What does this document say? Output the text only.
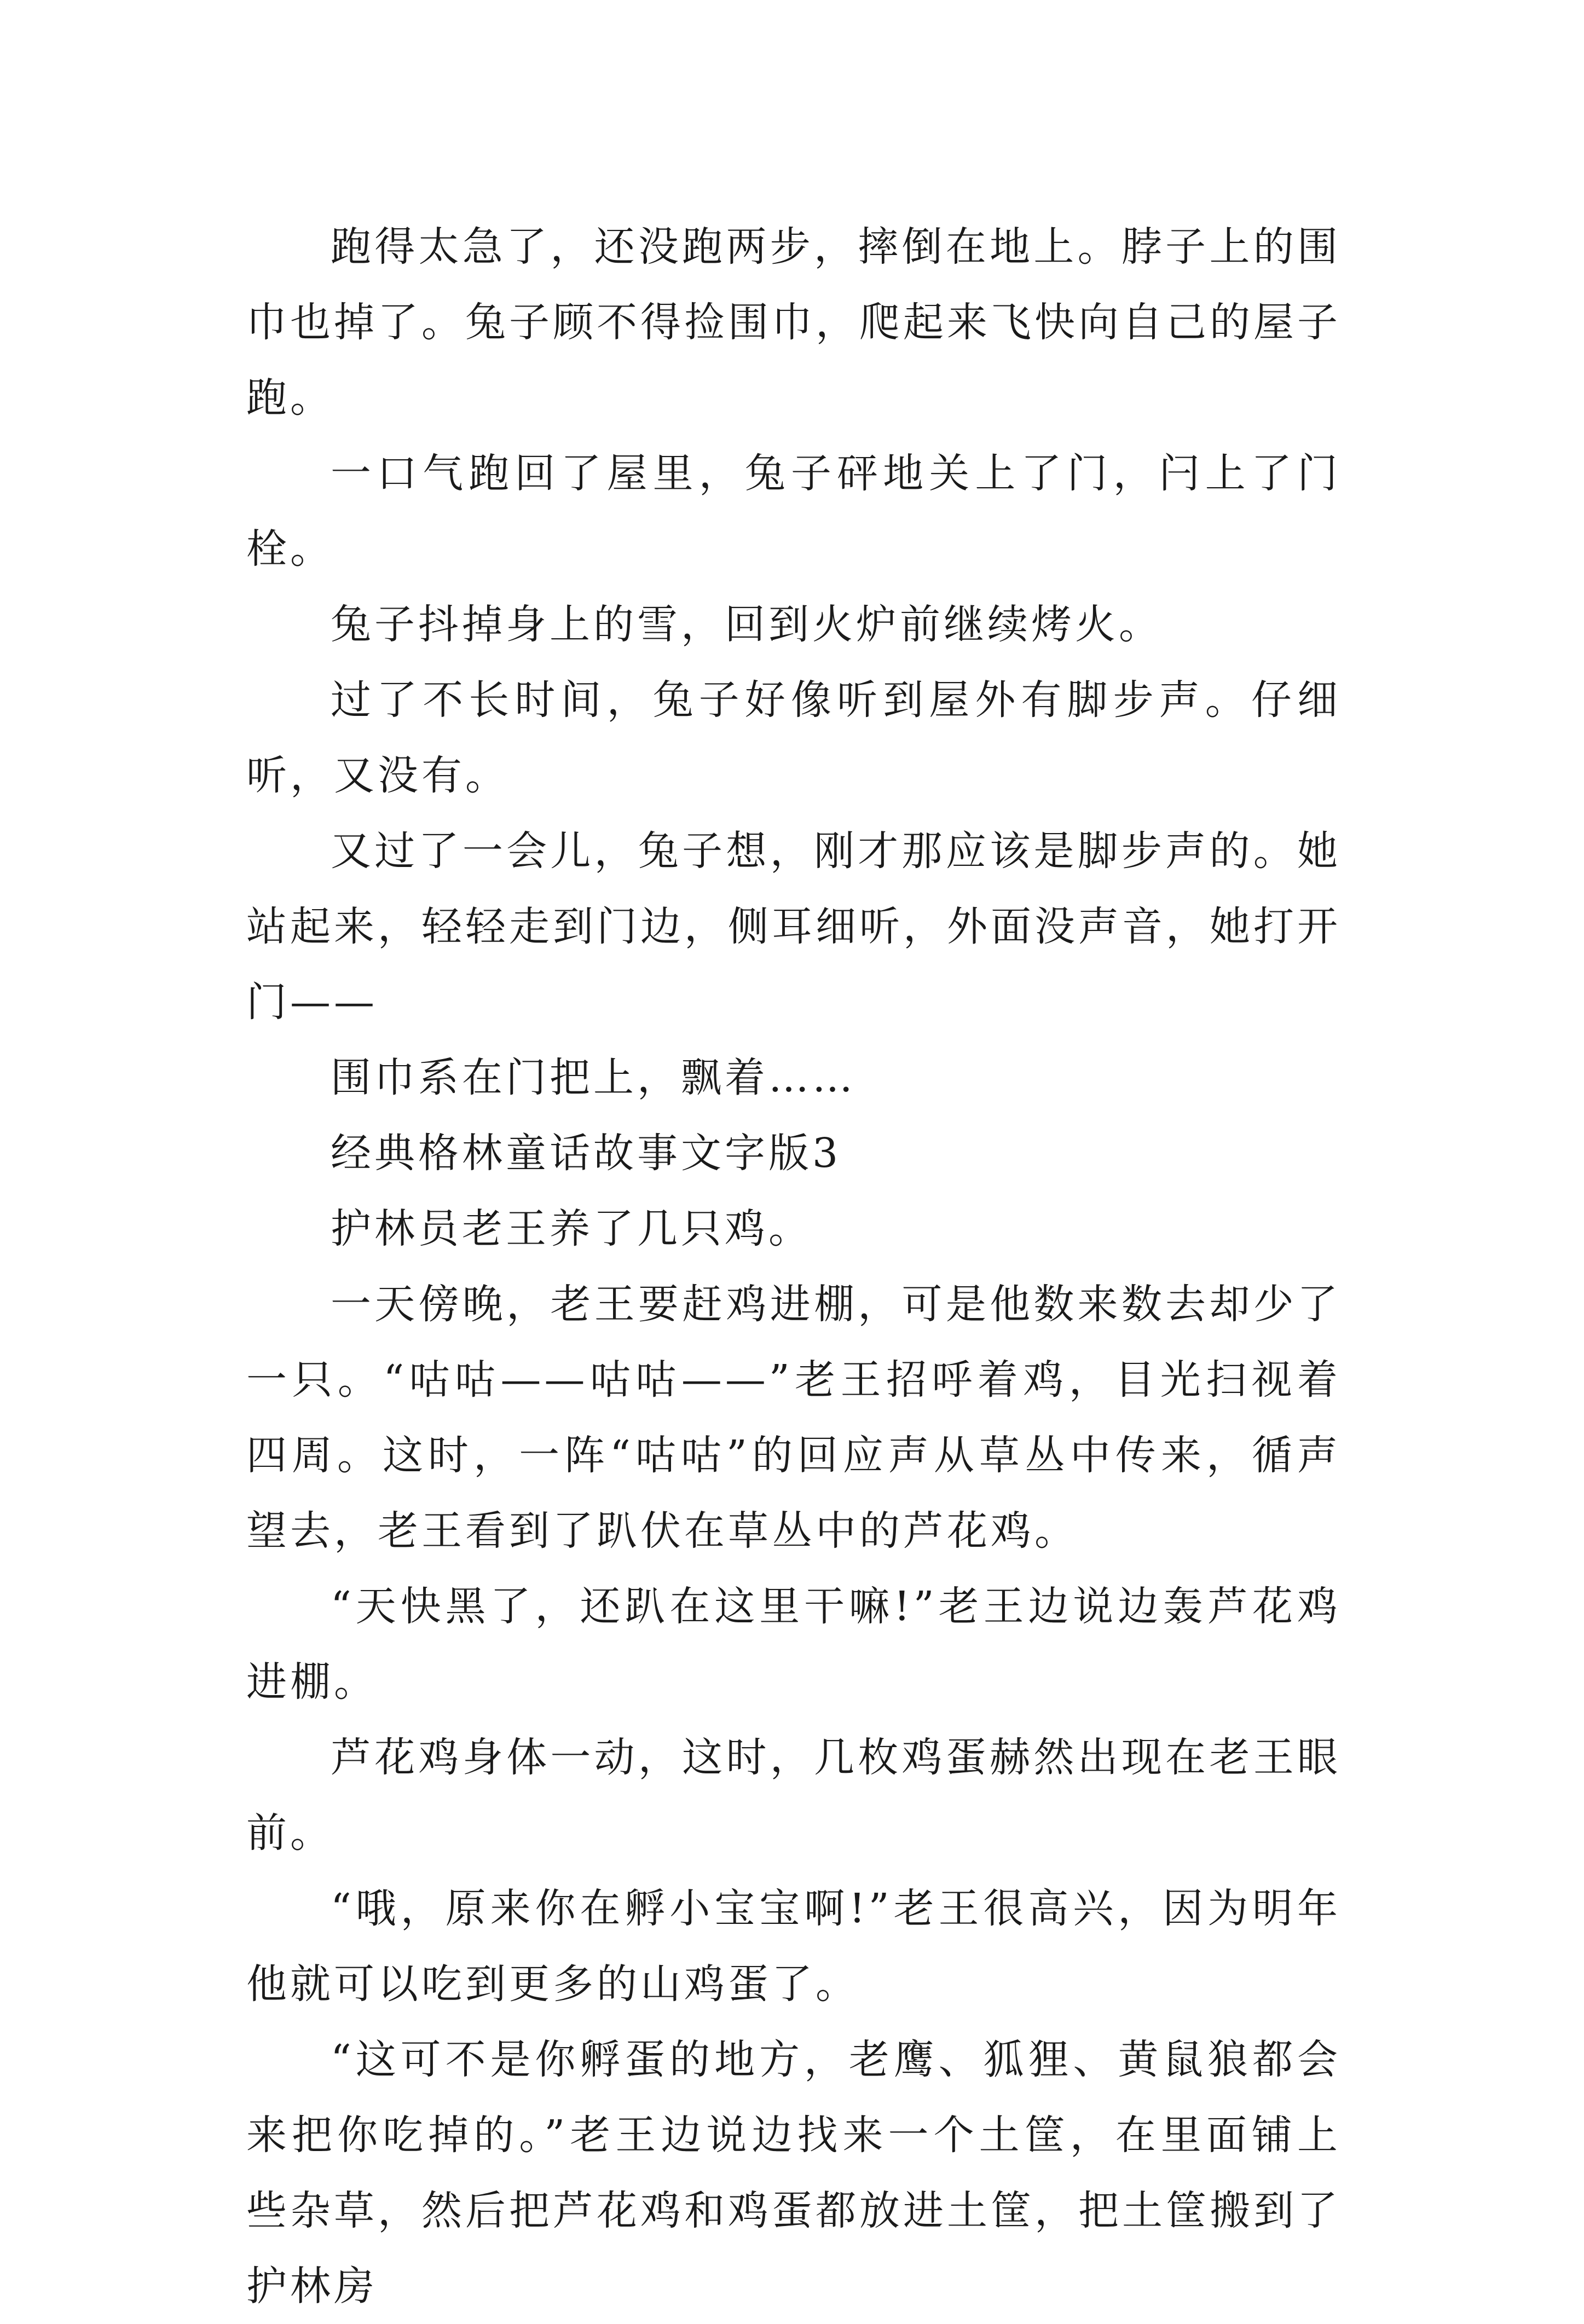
跑得太急了，还没跑两步，摔倒在地上。脖子上的围巾也掉了。兔子顾不得捡围巾，爬起来飞快向自己的屋子跑。

一口气跑回了屋里，兔子砰地关上了门，闩上了门栓。

兔子抖掉身上的雪，回到火炉前继续烤火。

过了不长时间，兔子好像听到屋外有脚步声。仔细听，又没有。

又过了一会儿，兔子想，刚才那应该是脚步声的。她站起来，轻轻走到门边，侧耳细听，外面没声音，她打开门——

围巾系在门把上，飘着……

经典格林童话故事文字版3

护林员老王养了几只鸡。

一天傍晚，老王要赶鸡进棚，可是他数来数去却少了一只。“咕咕——咕咕——”老王招呼着鸡，目光扫视着四周。这时，一阵“咕咕”的回应声从草丛中传来，循声望去，老王看到了趴伏在草丛中的芦花鸡。

“天快黑了，还趴在这里干嘛!”老王边说边轰芦花鸡进棚。

芦花鸡身体一动，这时，几枚鸡蛋赫然出现在老王眼前。

“哦，原来你在孵小宝宝啊!”老王很高兴，因为明年他就可以吃到更多的山鸡蛋了。

“这可不是你孵蛋的地方，老鹰、狐狸、黄鼠狼都会来把你吃掉的。”老王边说边找来一个土筐，在里面铺上些杂草，然后把芦花鸡和鸡蛋都放进土筐，把土筐搬到了护林房
